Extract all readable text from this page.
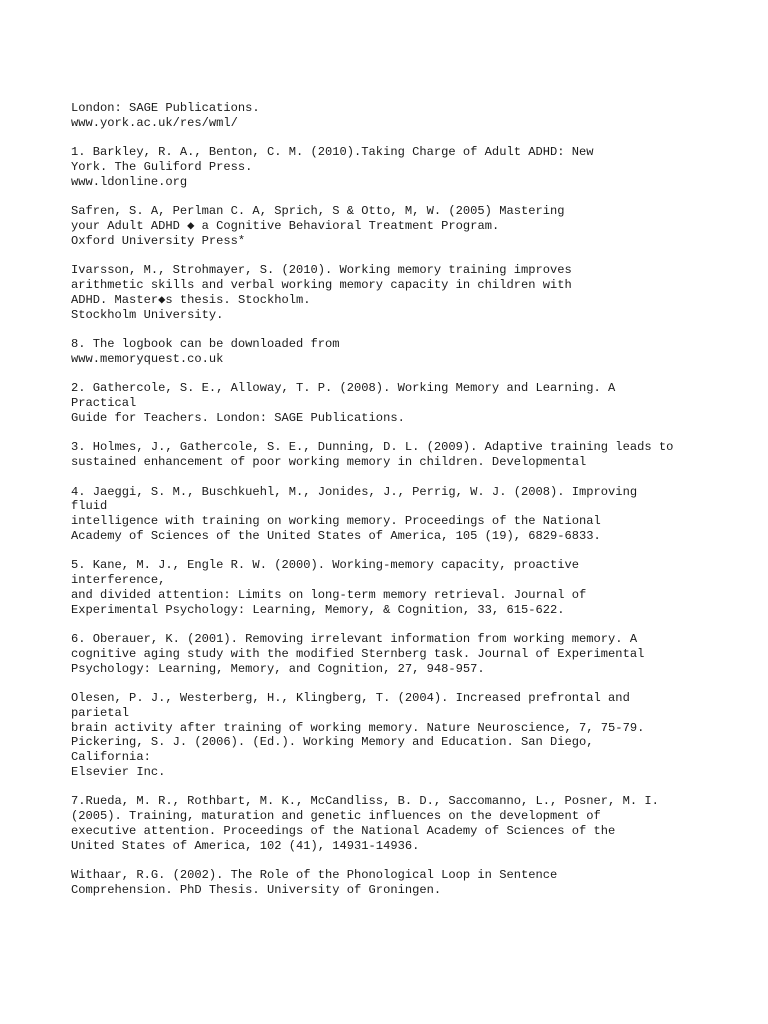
London: SAGE Publications.
www.york.ac.uk/res/wml/
1. Barkley, R. A., Benton, C. M. (2010).Taking Charge of Adult ADHD: New
York. The Guliford Press.
www.ldonline.org
Safren, S. A, Perlman C. A, Sprich, S & Otto, M, W. (2005) Mastering
your Adult ADHD ◆ a Cognitive Behavioral Treatment Program.
Oxford University Press*
Ivarsson, M., Strohmayer, S. (2010). Working memory training improves
arithmetic skills and verbal working memory capacity in children with
ADHD. Master◆s thesis. Stockholm.
Stockholm University.
8. The logbook can be downloaded from
www.memoryquest.co.uk
2. Gathercole, S. E., Alloway, T. P. (2008). Working Memory and Learning. A
Practical
Guide for Teachers. London: SAGE Publications.
3. Holmes, J., Gathercole, S. E., Dunning, D. L. (2009). Adaptive training leads to
sustained enhancement of poor working memory in children. Developmental
4. Jaeggi, S. M., Buschkuehl, M., Jonides, J., Perrig, W. J. (2008). Improving
fluid
intelligence with training on working memory. Proceedings of the National
Academy of Sciences of the United States of America, 105 (19), 6829-6833.
5. Kane, M. J., Engle R. W. (2000). Working-memory capacity, proactive
interference,
and divided attention: Limits on long-term memory retrieval. Journal of
Experimental Psychology: Learning, Memory, & Cognition, 33, 615-622.
6. Oberauer, K. (2001). Removing irrelevant information from working memory. A
cognitive aging study with the modified Sternberg task. Journal of Experimental
Psychology: Learning, Memory, and Cognition, 27, 948-957.
Olesen, P. J., Westerberg, H., Klingberg, T. (2004). Increased prefrontal and
parietal
brain activity after training of working memory. Nature Neuroscience, 7, 75-79.
Pickering, S. J. (2006). (Ed.). Working Memory and Education. San Diego,
California:
Elsevier Inc.
7.Rueda, M. R., Rothbart, M. K., McCandliss, B. D., Saccomanno, L., Posner, M. I.
(2005). Training, maturation and genetic influences on the development of
executive attention. Proceedings of the National Academy of Sciences of the
United States of America, 102 (41), 14931-14936.
Withaar, R.G. (2002). The Role of the Phonological Loop in Sentence
Comprehension. PhD Thesis. University of Groningen.
